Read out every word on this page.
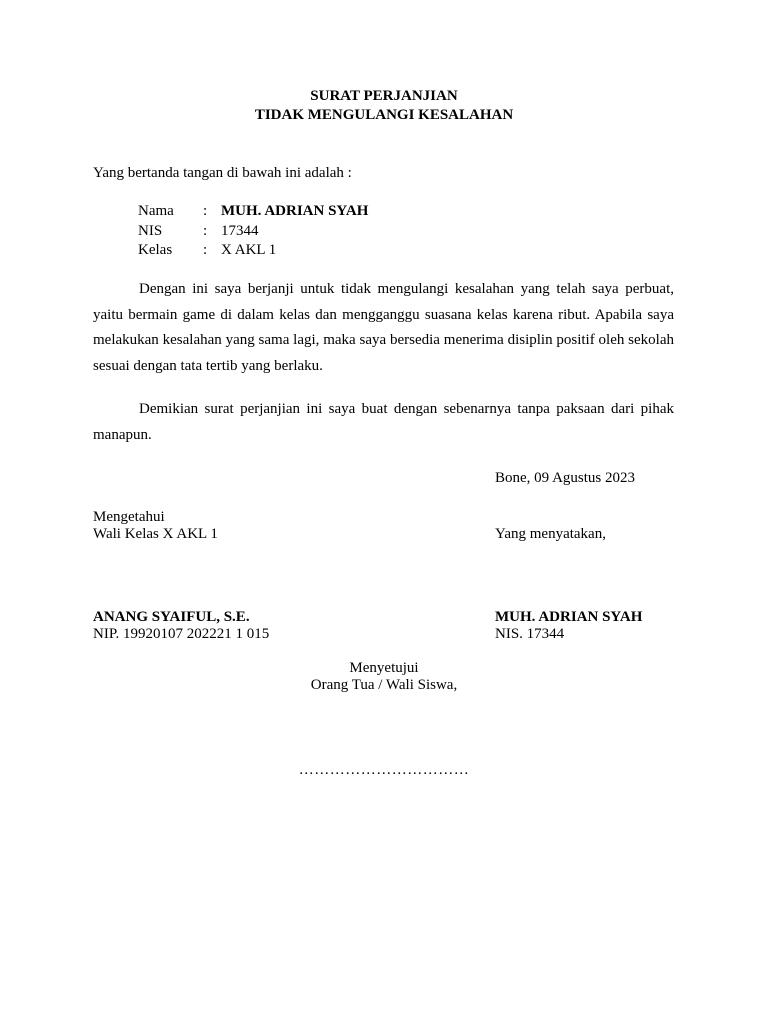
SURAT PERJANJIAN
TIDAK MENGULANGI KESALAHAN
Yang bertanda tangan di bawah ini adalah :
Nama : MUH. ADRIAN SYAH
NIS	: 17344
Kelas : X AKL 1
Dengan ini saya berjanji untuk tidak mengulangi kesalahan yang telah saya perbuat, yaitu bermain game di dalam kelas dan mengganggu suasana kelas karena ribut. Apabila saya melakukan kesalahan yang sama lagi, maka saya bersedia menerima disiplin positif oleh sekolah sesuai dengan tata tertib yang berlaku.
Demikian surat perjanjian ini saya buat dengan sebenarnya tanpa paksaan dari pihak manapun.
Bone, 09 Agustus 2023
Mengetahui
Wali Kelas X AKL 1	Yang menyatakan,
ANANG SYAIFUL, S.E.
NIP. 19920107 202221 1 015
MUH. ADRIAN SYAH
NIS. 17344
Menyetujui
Orang Tua / Wali Siswa,
……………………………
